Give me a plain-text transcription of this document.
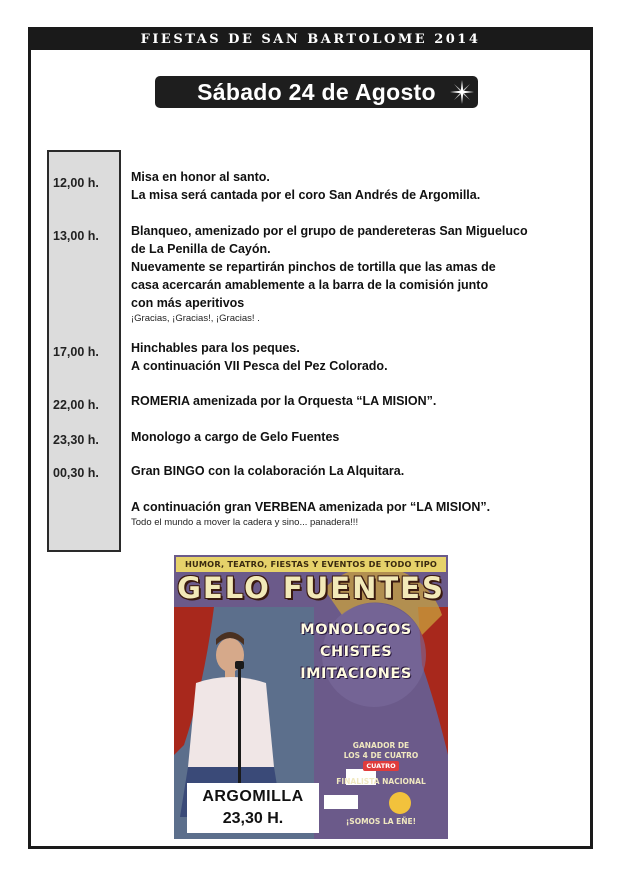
FIESTAS DE SAN BARTOLOME 2014
Sábado 24 de Agosto
12,00 h.
13,00 h.
17,00 h.
22,00 h.
23,30 h.
00,30 h.
Misa en honor al santo.
La misa será cantada por el coro San Andrés de Argomilla.
Blanqueo, amenizado por el grupo de pandereteras San Migueluco
de La Penilla de Cayón.
Nuevamente se repartirán pinchos de tortilla que las amas de
casa acercarán amablemente a la barra de la comisión junto
con más aperitivos
¡Gracias, ¡Gracias!, ¡Gracias! .
Hinchables para los peques.
A continuación VII Pesca del Pez Colorado.
ROMERIA amenizada por la Orquesta “LA MISION”.
Monologo a cargo de Gelo Fuentes
Gran BINGO con la colaboración La Alquitara.
A continuación gran VERBENA amenizada por “LA MISION”.
Todo el mundo a mover la cadera y sino... panadera!!!
HUMOR, TEATRO, FIESTAS Y EVENTOS DE TODO TIPO
GELO FUENTES
MONOLOGOS
CHISTES
IMITACIONES
GANADOR DE
LOS 4 DE CUATRO
CUATRO
FINALISTA NACIONAL
¡SOMOS LA EÑE!
ARGOMILLA
23,30 H.
